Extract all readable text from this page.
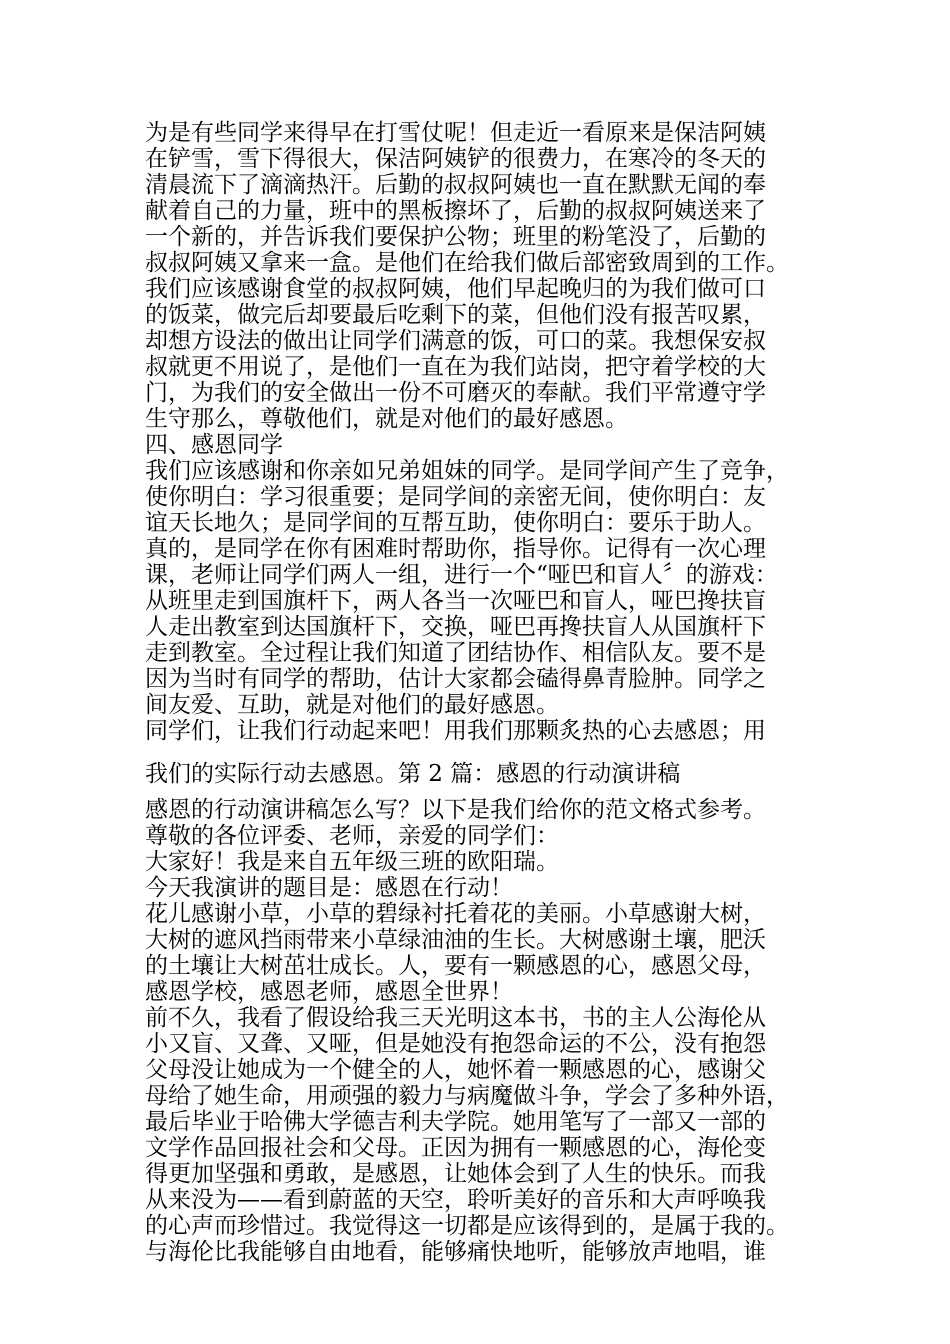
为是有些同学来得早在打雪仗呢！但走近一看原来是保洁阿姨
在铲雪，雪下得很大，保洁阿姨铲的很费力，在寒冷的冬天的
清晨流下了滴滴热汗。后勤的叔叔阿姨也一直在默默无闻的奉
献着自己的力量，班中的黑板擦坏了，后勤的叔叔阿姨送来了
一个新的，并告诉我们要保护公物；班里的粉笔没了，后勤的
叔叔阿姨又拿来一盒。是他们在给我们做后部密致周到的工作。
我们应该感谢食堂的叔叔阿姨，他们早起晚归的为我们做可口
的饭菜，做完后却要最后吃剩下的菜，但他们没有报苦叹累，
却想方设法的做出让同学们满意的饭，可口的菜。我想保安叔
叔就更不用说了，是他们一直在为我们站岗，把守着学校的大
门，为我们的安全做出一份不可磨灭的奉献。我们平常遵守学
生守那么，尊敬他们，就是对他们的最好感恩。
四、感恩同学
我们应该感谢和你亲如兄弟姐妹的同学。是同学间产生了竞争，
使你明白：学习很重要；是同学间的亲密无间，使你明白：友
谊天长地久；是同学间的互帮互助，使你明白：要乐于助人。
真的，是同学在你有困难时帮助你，指导你。记得有一次心理
课，老师让同学们两人一组，进行一个“哑巴和盲人〞的游戏：
从班里走到国旗杆下，两人各当一次哑巴和盲人，哑巴搀扶盲
人走出教室到达国旗杆下，交换，哑巴再搀扶盲人从国旗杆下
走到教室。全过程让我们知道了团结协作、相信队友。要不是
因为当时有同学的帮助，估计大家都会磕得鼻青脸肿。同学之
间友爱、互助，就是对他们的最好感恩。
同学们，让我们行动起来吧！用我们那颗炙热的心去感恩；用
我们的实际行动去感恩。第 2 篇：感恩的行动演讲稿
感恩的行动演讲稿怎么写？以下是我们给你的范文格式参考。
尊敬的各位评委、老师，亲爱的同学们：
大家好！我是来自五年级三班的欧阳瑞。
今天我演讲的题目是：感恩在行动！
花儿感谢小草，小草的碧绿衬托着花的美丽。小草感谢大树，
大树的遮风挡雨带来小草绿油油的生长。大树感谢土壤，肥沃
的土壤让大树茁壮成长。人，要有一颗感恩的心，感恩父母，
感恩学校，感恩老师，感恩全世界！
前不久，我看了假设给我三天光明这本书，书的主人公海伦从
小又盲、又聋、又哑，但是她没有抱怨命运的不公，没有抱怨
父母没让她成为一个健全的人，她怀着一颗感恩的心，感谢父
母给了她生命，用顽强的毅力与病魔做斗争，学会了多种外语，
最后毕业于哈佛大学德吉利夫学院。她用笔写了一部又一部的
文学作品回报社会和父母。正因为拥有一颗感恩的心，海伦变
得更加坚强和勇敢，是感恩，让她体会到了人生的快乐。而我
从来没为——看到蔚蓝的天空，聆听美好的音乐和大声呼唤我
的心声而珍惜过。我觉得这一切都是应该得到的，是属于我的。
与海伦比我能够自由地看，能够痛快地听，能够放声地唱，谁
